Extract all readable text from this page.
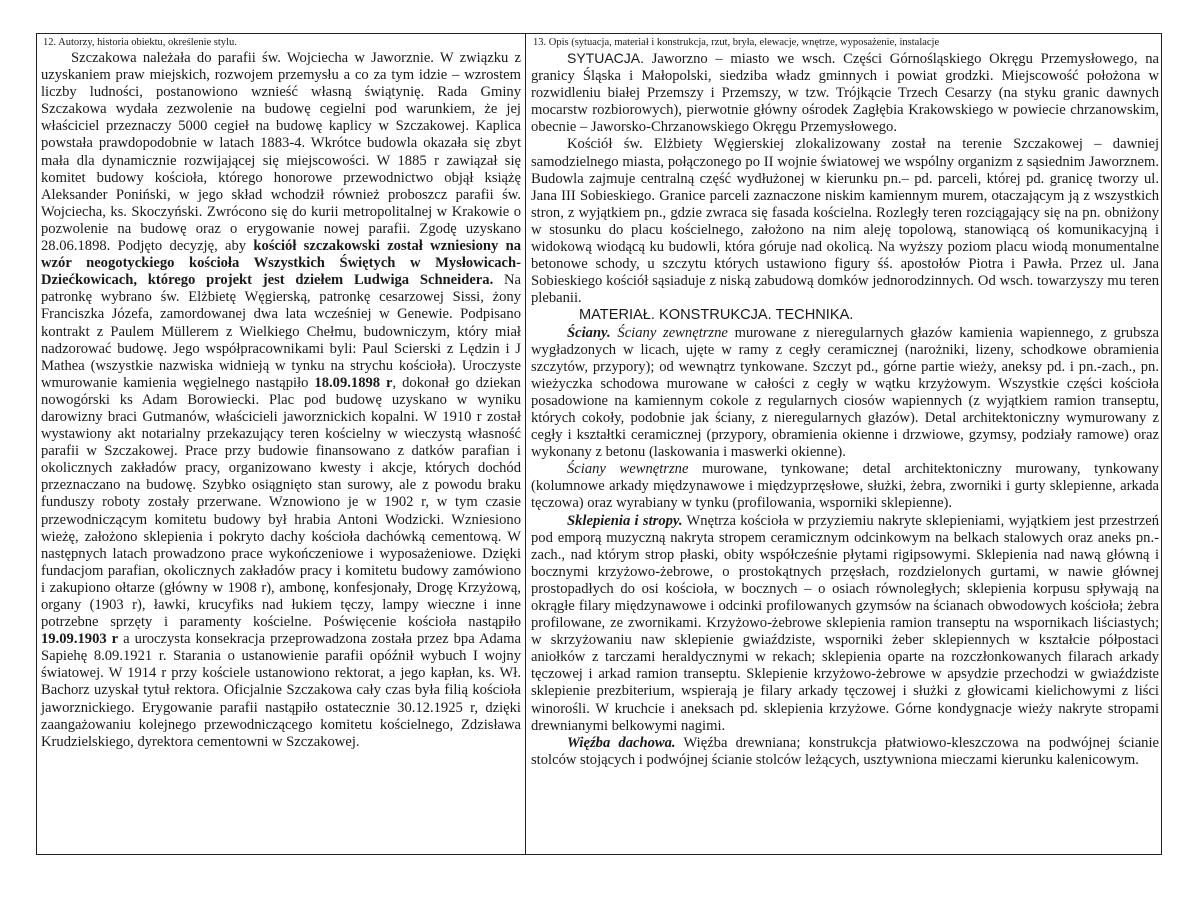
12. Autorzy, historia obiektu, określenie stylu.

Szczakowa należała do parafii św. Wojciecha w Jaworznie. W związku z uzyskaniem praw miejskich, rozwojem przemysłu a co za tym idzie – wzrostem liczby ludności, postanowiono wznieść własną świątynię. Rada Gminy Szczakowa wydała zezwolenie na budowę cegielni pod warunkiem, że jej właściciel przeznaczy 5000 cegieł na budowę kaplicy w Szczakowej. Kaplica powstała prawdopodobnie w latach 1883-4. Wkrótce budowla okazała się zbyt mała dla dynamicznie rozwijającej się miejscowości. W 1885 r zawiązał się komitet budowy kościoła, którego honorowe przewodnictwo objął książę Aleksander Poniński, w jego skład wchodził również proboszcz parafii św. Wojciecha, ks. Skoczyński. Zwrócono się do kurii metropolitalnej w Krakowie o pozwolenie na budowę oraz o erygowanie nowej parafii. Zgodę uzyskano 28.06.1898. Podjęto decyzję, aby kościół szczakowski został wzniesiony na wzór neogotyckiego kościoła Wszystkich Świętych w Mysłowicach-Dziećkowicach, którego projekt jest dziełem Ludwiga Schneidera. Na patronkę wybrano św. Elżbietę Węgierską, patronkę cesarzowej Sissi, żony Franciszka Józefa, zamordowanej dwa lata wcześniej w Genewie. Podpisano kontrakt z Paulem Müllerem z Wielkiego Chełmu, budowniczym, który miał nadzorować budowę. Jego współpracownikami byli: Paul Scierski z Lędzin i J Mathea (wszystkie nazwiska widnieją w tynku na strychu kościoła). Uroczyste wmurowanie kamienia węgielnego nastąpiło 18.09.1898 r, dokonał go dziekan nowogórski ks Adam Borowiecki. Plac pod budowę uzyskano w wyniku darowizny braci Gutmanów, właścicieli jaworznickich kopalni. W 1910 r został wystawiony akt notarialny przekazujący teren kościelny w wieczystą własność parafii w Szczakowej. Prace przy budowie finansowano z datków parafian i okolicznych zakładów pracy, organizowano kwesty i akcje, których dochód przeznaczano na budowę. Szybko osiągnięto stan surowy, ale z powodu braku funduszy roboty zostały przerwane. Wznowiono je w 1902 r, w tym czasie przewodniczącym komitetu budowy był hrabia Antoni Wodzicki. Wzniesiono wieżę, założono sklepienia i pokryto dachy kościoła dachówką cementową. W następnych latach prowadzono prace wykończeniowe i wyposażeniowe. Dzięki fundacjom parafian, okolicznych zakładów pracy i komitetu budowy zamówiono i zakupiono ołtarze (główny w 1908 r), ambonę, konfesjonały, Drogę Krzyżową, organy (1903 r), ławki, krucyfiks nad łukiem tęczy, lampy wieczne i inne potrzebne sprzęty i paramenty kościelne. Poświęcenie kościoła nastąpiło 19.09.1903 r a uroczysta konsekracja przeprowadzona została przez bpa Adama Sapiehę 8.09.1921 r. Starania o ustanowienie parafii opóźnił wybuch I wojny światowej. W 1914 r przy kościele ustanowiono rektorat, a jego kapłan, ks. Wł. Bachorz uzyskał tytuł rektora. Oficjalnie Szczakowa cały czas była filią kościoła jaworznickiego. Erygowanie parafii nastąpiło ostatecznie 30.12.1925 r, dzięki zaangażowaniu kolejnego przewodniczącego komitetu kościelnego, Zdzisława Krudzielskiego, dyrektora cementowni w Szczakowej.

13. Opis (sytuacja, materiał i konstrukcja, rzut, bryła, elewacje, wnętrze, wyposażenie, instalacje

SYTUACJA. Jaworzno – miasto we wsch. Części Górnośląskiego Okręgu Przemysłowego, na granicy Śląska i Małopolski, siedziba władz gminnych i powiat grodzki. Miejscowość położona w rozwidleniu białej Przemszy i Przemszy, w tzw. Trójkącie Trzech Cesarzy (na styku granic dawnych mocarstw rozbiorowych), pierwotnie główny ośrodek Zagłębia Krakowskiego w powiecie chrzanowskim, obecnie – Jaworsko-Chrzanowskiego Okręgu Przemysłowego.

Kościół św. Elżbiety Węgierskiej zlokalizowany został na terenie Szczakowej – dawniej samodzielnego miasta, połączonego po II wojnie światowej we wspólny organizm z sąsiednim Jaworznem. Budowla zajmuje centralną część wydłużonej w kierunku pn.– pd. parceli, której pd. granicę tworzy ul. Jana III Sobieskiego. Granice parceli zaznaczone niskim kamiennym murem, otaczającym ją z wszystkich stron, z wyjątkiem pn., gdzie zwraca się fasada kościelna. Rozległy teren rozciągający się na pn. obniżony w stosunku do placu kościelnego, założono na nim aleję topolową, stanowiącą oś komunikacyjną i widokową wiodącą ku budowli, która góruje nad okolicą. Na wyższy poziom placu wiodą monumentalne betonowe schody, u szczytu których ustawiono figury śś. apostołów Piotra i Pawła. Przez ul. Jana Sobieskiego kościół sąsiaduje z niską zabudową domków jednorodzinnych. Od wsch. towarzyszy mu teren plebanii.

MATERIAŁ. KONSTRUKCJA. TECHNIKA.

Ściany. Ściany zewnętrzne murowane z nieregularnych głazów kamienia wapiennego, z grubsza wygładzonych w licach, ujęte w ramy z cegły ceramicznej (narożniki, lizeny, schodkowe obramienia szczytów, przypory); od wewnątrz tynkowane. Szczyt pd., górne partie wieży, aneksy pd. i pn.-zach., pn. wieżyczka schodowa murowane w całości z cegły w wątku krzyżowym. Wszystkie części kościoła posadowione na kamiennym cokole z regularnych ciosów wapiennych (z wyjątkiem ramion transeptu, których cokoły, podobnie jak ściany, z nieregularnych głazów). Detal architektoniczny wymurowany z cegły i kształtki ceramicznej (przypory, obramienia okienne i drzwiowe, gzymsy, podziały ramowe) oraz wykonany z betonu (laskowania i maswerki okienne).

Ściany wewnętrzne murowane, tynkowane; detal architektoniczny murowany, tynkowany (kolumnowe arkady międzynawowe i międzyprzęsłowe, służki, żebra, zworniki i gurty sklepienne, arkada tęczowa) oraz wyrabiany w tynku (profilowania, wsporniki sklepienne).

Sklepienia i stropy. Wnętrza kościoła w przyziemiu nakryte sklepieniami, wyjątkiem jest przestrzeń pod emporą muzyczną nakryta stropem ceramicznym odcinkowym na belkach stalowych oraz aneks pn.-zach., nad którym strop płaski, obity współcześnie płytami rigipsowymi. Sklepienia nad nawą główną i bocznymi krzyżowo-żebrowe, o prostokątnych przęsłach, rozdzielonych gurtami, w nawie głównej prostopadłych do osi kościoła, w bocznych – o osiach równoległych; sklepienia korpusu spływają na okrągłe filary międzynawowe i odcinki profilowanych gzymsów na ścianach obwodowych kościoła; żebra profilowane, ze zwornikami. Krzyżowo-żebrowe sklepienia ramion transeptu na wspornikach liściastych; w skrzyżowaniu naw sklepienie gwiaździste, wsporniki żeber sklepiennych w kształcie półpostaci aniołków z tarczami heraldycznymi w rekach; sklepienia oparte na rozczłonkowanych filarach arkady tęczowej i arkad ramion transeptu. Sklepienie krzyżowo-żebrowe w apsydzie przechodzi w gwiaździste sklepienie prezbiterium, wspierają je filary arkady tęczowej i służki z głowicami kielichowymi z liści winorośli. W kruchcie i aneksach pd. sklepienia krzyżowe. Górne kondygnacje wieży nakryte stropami drewnianymi belkowymi nagimi.

Więźba dachowa. Więźba drewniana; konstrukcja płatwiowo-kleszczowa na podwójnej ścianie stolców stojących i podwójnej ścianie stolców leżących, usztywniona mieczami kierunku kalenicowym.
